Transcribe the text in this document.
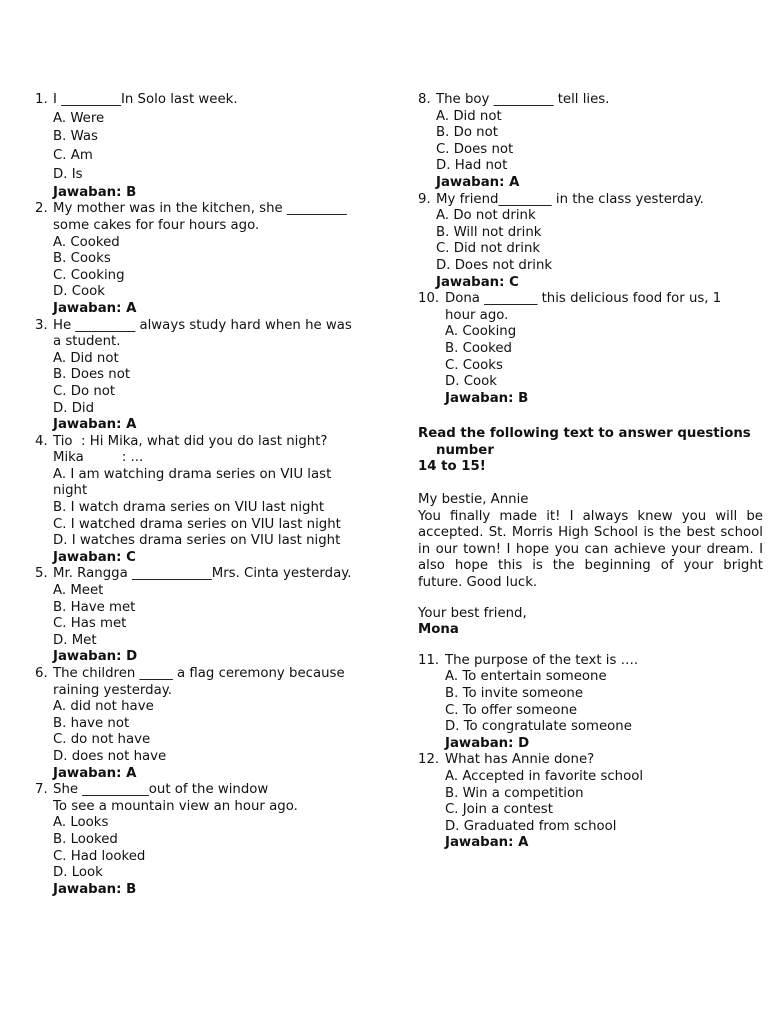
1. I _________In Solo last week.
A. Were
B. Was
C. Am
D. Is
Jawaban: B
2. My mother was in the kitchen, she _________
some cakes for four hours ago.
A. Cooked
B. Cooks
C. Cooking
D. Cook
Jawaban: A
3. He _________ always study hard when he was
a student.
A. Did not
B. Does not
C. Do not
D. Did
Jawaban: A
4. Tio  : Hi Mika, what did you do last night?
Mika         : ...
A. I am watching drama series on VIU last
night
B. I watch drama series on VIU last night
C. I watched drama series on VIU last night
D. I watches drama series on VIU last night
Jawaban: C
5. Mr. Rangga ____________Mrs. Cinta yesterday.
A. Meet
B. Have met
C. Has met
D. Met
Jawaban: D
6. The children _____ a flag ceremony because
raining yesterday.
A. did not have
B. have not
C. do not have
D. does not have
Jawaban: A
7. She __________out of the window
To see a mountain view an hour ago.
A. Looks
B. Looked
C. Had looked
D. Look
Jawaban: B
8. The boy _________ tell lies.
A. Did not
B. Do not
C. Does not
D. Had not
Jawaban: A
9. My friend________ in the class yesterday.
A. Do not drink
B. Will not drink
C. Did not drink
D. Does not drink
Jawaban: C
10. Dona ________ this delicious food for us, 1
hour ago.
A. Cooking
B. Cooked
C. Cooks
D. Cook
Jawaban: B
Read the following text to answer questions
number
14 to 15!
My bestie, Annie
You finally made it! I always knew you will be accepted. St. Morris High School is the best school in our town! I hope you can achieve your dream. I also hope this is the beginning of your bright future. Good luck.
Your best friend,
Mona
11. The purpose of the text is ….
A. To entertain someone
B. To invite someone
C. To offer someone
D. To congratulate someone
Jawaban: D
12. What has Annie done?
A. Accepted in favorite school
B. Win a competition
C. Join a contest
D. Graduated from school
Jawaban: A
